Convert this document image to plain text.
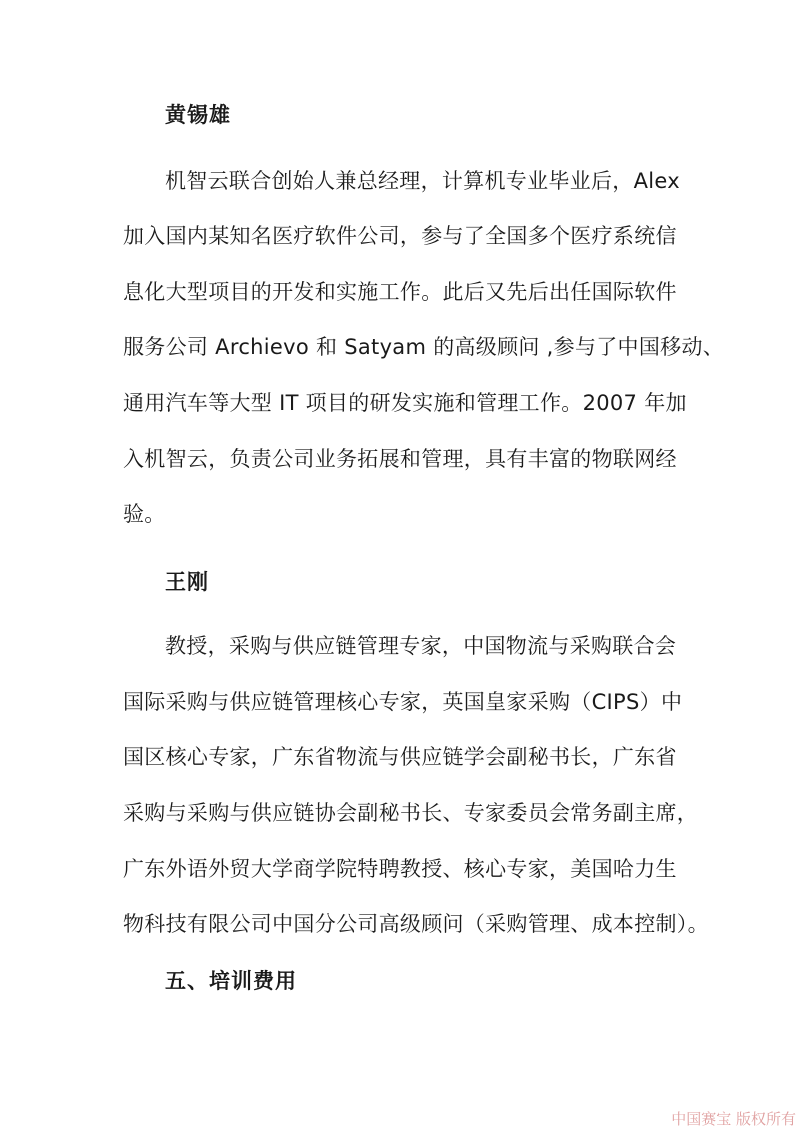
黄锡雄
机智云联合创始人兼总经理，计算机专业毕业后，Alex
加入国内某知名医疗软件公司，参与了全国多个医疗系统信
息化大型项目的开发和实施工作。此后又先后出任国际软件
服务公司 Archievo 和 Satyam 的高级顾问 ,参与了中国移动、
通用汽车等大型 IT 项目的研发实施和管理工作。2007 年加
入机智云，负责公司业务拓展和管理，具有丰富的物联网经
验。
王刚
教授，采购与供应链管理专家，中国物流与采购联合会
国际采购与供应链管理核心专家，英国皇家采购（CIPS）中
国区核心专家，广东省物流与供应链学会副秘书长，广东省
采购与采购与供应链协会副秘书长、专家委员会常务副主席，
广东外语外贸大学商学院特聘教授、核心专家，美国哈力生
物科技有限公司中国分公司高级顾问（采购管理、成本控制）。
五、培训费用
中国赛宝 版权所有
